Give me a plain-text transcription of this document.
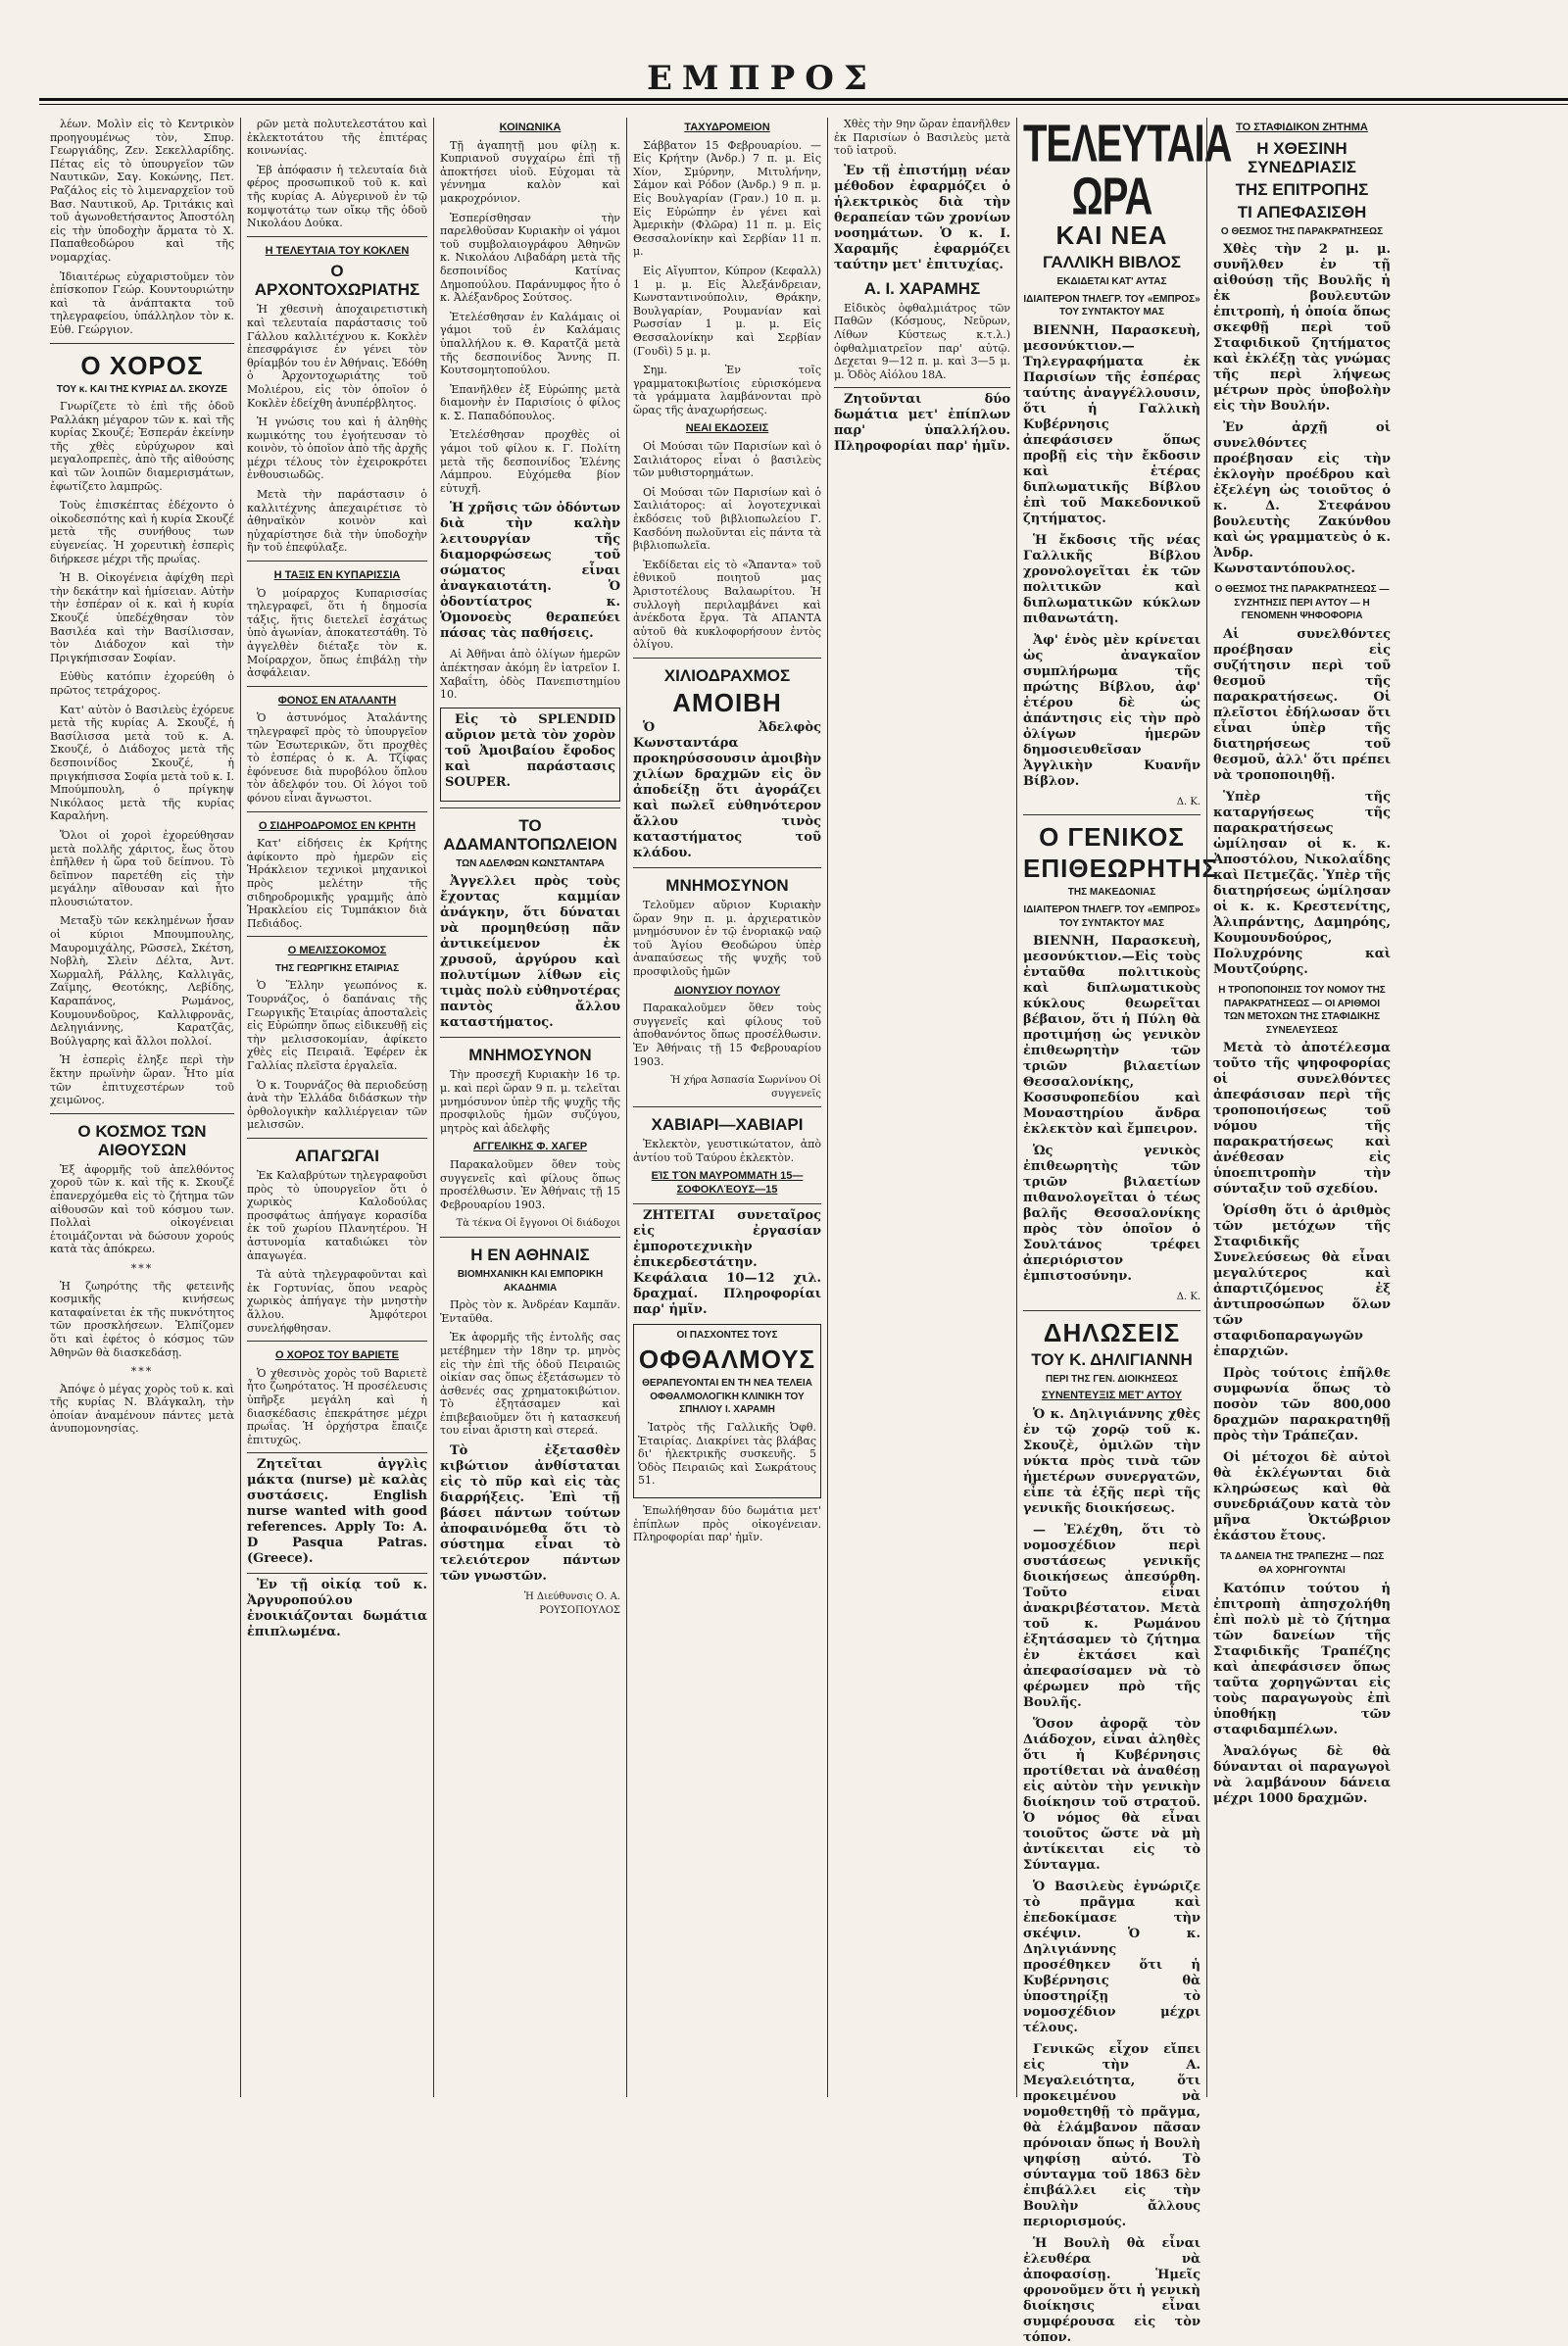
ΕΜΠΡΟΣ

λέων. Μολὶν εἰς τὸ Κεντρικὸν προηγουμένως τὸν, Σπυρ. Γεωργιάδης, Ζεν. Σεκελλαρίδης. Πέτας εἰς τὸ ὑπουργεῖον τῶν Ναυτικῶν, Σαγ. Κοκώνης, Πετ. Ραζάλος εἰς τὸ λιμεναρχεῖον τοῦ Βασ. Ναυτικοῦ, Αρ. Τριτάκις καὶ τοῦ ἀγωνοθετήσαντος Ἀποστόλη εἰς τὴν ὑποδοχὴν ἄρματα τὸ Χ. Παπαθεοδώρου καὶ τῆς νομαρχίας.

Ἰδιαιτέρως εὐχαριστοῦμεν τὸν ἐπίσκοπον Γεώρ. Κουντουριώτην καὶ τὰ ἀνάπτακτα τοῦ τηλεγραφείου, ὑπάλληλον τὸν κ. Εὐθ. Γεώργιον.

Ο ΧΟΡΟΣ
ΤΟΥ κ. ΚΑΙ ΤΗΣ ΚΥΡΙΑΣ ΔΛ. ΣΚΟΥΖΕ

Γνωρίζετε τὸ ἐπὶ τῆς ὁδοῦ Ραλλάκη μέγαρον τῶν κ. καὶ τῆς κυρίας Σκουζέ; Ἐσπεράν ἐκείνην τῆς χθὲς εὐρύχωρον καὶ μεγαλοπρεπὲς, ἀπὸ τῆς αἰθούσης καὶ τῶν λοιπῶν διαμερισμάτων, ἐφωτίζετο λαμπρῶς.

Τοὺς ἐπισκέπτας ἐδέχοντο ὁ οἰκοδεσπότης καὶ ἡ κυρία Σκουζέ μετὰ τῆς συνήθους των εὐγενείας. Ἡ χορευτικὴ ἐσπερὶς διήρκεσε μέχρι τῆς πρωΐας.

Ἡ Β. Οἰκογένεια ἀφίχθη περὶ τὴν δεκάτην καὶ ἡμίσειαν. Αὐτὴν τὴν ἐσπέραν οἱ κ. καὶ ἡ κυρία Σκουζέ ὑπεδέχθησαν τὸν Βασιλέα καὶ τὴν Βασίλισσαν, τὸν Διάδοχον καὶ τὴν Πριγκήπισσαν Σοφίαν.

Εὐθὺς κατόπιν ἐχορεύθη ὁ πρῶτος τετράχορος.

Κατ' αὐτὸν ὁ Βασιλεὺς ἐχόρευε μετὰ τῆς κυρίας Α. Σκουζέ, ἡ Βασίλισσα μετὰ τοῦ κ. Α. Σκουζέ, ὁ Διάδοχος μετὰ τῆς δεσποινίδος Σκουζέ, ἡ πριγκήπισσα Σοφία μετὰ τοῦ κ. Ι. Μπούμπουλη, ὁ πρίγκηψ Νικόλαος μετὰ τῆς κυρίας Καραλήνη.

Ὅλοι οἱ χοροὶ ἐχορεύθησαν μετὰ πολλῆς χάριτος, ἔως ὅτου ἐπῆλθεν ἡ ὥρα τοῦ δείπνου. Τὸ δεῖπνον παρετέθη εἰς τὴν μεγάλην αἴθουσαν καὶ ἦτο πλουσιώτατον.

Μεταξὺ τῶν κεκλημένων ἦσαν οἱ κύριοι Μπουμπουλης, Μαυρομιχάλης, Ρῶσσελ, Σκέτση, Νοβλὴ, Σλεὶν Δέλτα, Ἀντ. Χωρμαλῆ, Ράλλης, Καλλιγᾶς, Ζαΐμης, Θεοτόκης, Λεβίδης, Καραπάνος, Ρωμάνος, Κουμουνδοῦρος, Καλλιφρονᾶς, Δεληγιάννης, Καρατζᾶς, Βούλγαρης καὶ ἄλλοι πολλοί.

Ἡ ἐσπερὶς ἐληξε περὶ τὴν ἕκτην πρωϊνὴν ὥραν. Ἦτο μία τῶν ἐπιτυχεστέρων τοῦ χειμῶνος.

Ο ΚΟΣΜΟΣ ΤΩΝ ΑΙΘΟΥΣΩΝ

Ἐξ ἀφορμῆς τοῦ ἀπελθόντος χοροῦ τῶν κ. καὶ τῆς κ. Σκουζέ ἐπανερχόμεθα εἰς τὸ ζήτημα τῶν αἰθουσῶν καὶ τοῦ κόσμου των. Πολλαὶ οἰκογένειαι ἑτοιμάζονται νὰ δώσουν χορούς κατὰ τὰς ἀπόκρεω.

***

Ἡ ζωηρότης τῆς φετεινῆς κοσμικῆς κινήσεως καταφαίνεται ἐκ τῆς πυκνότητος τῶν προσκλήσεων. Ἐλπίζομεν ὅτι καὶ ἐφέτος ὁ κόσμος τῶν Ἀθηνῶν θὰ διασκεδάσῃ.

***

Ἀπόψε ὁ μέγας χορὸς τοῦ κ. καὶ τῆς κυρίας Ν. Βλάγκαλη, τὴν ὁποίαν ἀναμένουν πάντες μετὰ ἀνυπομονησίας.

ρῶν μετὰ πολυτελεστάτου καὶ ἐκλεκτοτάτου τῆς ἐπιτέρας κοινωνίας.

Ἐβ ἀπόφασιν ἡ τελευταία διὰ φέρος προσωπικοῦ τοῦ κ. καὶ τῆς κυρίας Α. Αὐγερινοῦ ἐν τῷ κομψοτάτῳ των οἴκῳ τῆς ὁδοῦ Νικολάου Δούκα.

Η ΤΕΛΕΥΤΑΙΑ ΤΟΥ ΚΟΚΛΕΝ
Ο ΑΡΧΟΝΤΟΧΩΡΙΑΤΗΣ

Ἡ χθεσινὴ ἀποχαιρετιστικὴ καὶ τελευταία παράστασις τοῦ Γάλλου καλλιτέχνου κ. Κοκλὲν ἐπεσφράγισε ἐν γένει τὸν θρίαμβόν του ἐν Ἀθήναις. Ἐδόθη ὁ Ἀρχοντοχωριάτης τοῦ Μολιέρου, εἰς τὸν ὁποῖον ὁ Κοκλὲν ἐδείχθη ἀνυπέρβλητος.

Ἡ γνώσις του καὶ ἡ ἀληθὴς κωμικότης του ἐγοήτευσαν τὸ κοινὸν, τὸ ὁποῖον ἀπὸ τῆς ἀρχῆς μέχρι τέλους τὸν ἐχειροκρότει ἐνθουσιωδῶς.

Μετὰ τὴν παράστασιν ὁ καλλιτέχνης ἀπεχαιρέτισε τὸ ἀθηναϊκὸν κοινὸν καὶ ηὐχαρίστησε διὰ τὴν ὑποδοχὴν ἣν τοῦ ἐπεφύλαξε.

Η ΤΑΞΙΣ ΕΝ ΚΥΠΑΡΙΣΣΙΑ

Ὁ μοίραρχος Κυπαρισσίας τηλεγραφεῖ, ὅτι ἡ δημοσία τάξις, ἥτις διετελεῖ ἐσχάτως ὑπὸ ἀγωνίαν, ἀποκατεστάθη. Τὸ ἀγγελθὲν διέταξε τὸν κ. Μοίραρχον, ὅπως ἐπιβάλῃ τὴν ἀσφάλειαν.

ΦΟΝΟΣ ΕΝ ΑΤΑΛΑΝΤΗ

Ὁ ἀστυνόμος Ἀταλάντης τηλεγραφεῖ πρὸς τὸ ὑπουργεῖον τῶν Ἐσωτερικῶν, ὅτι προχθὲς τὸ ἑσπέρας ὁ κ. Α. Τζίφας ἐφόνευσε διὰ πυροβόλου ὅπλου τὸν ἀδελφόν του. Οἱ λόγοι τοῦ φόνου εἶναι ἄγνωστοι.

Ο ΣΙΔΗΡΟΔΡΟΜΟΣ ΕΝ ΚΡΗΤΗ

Κατ' εἰδήσεις ἐκ Κρήτης ἀφίκοντο πρὸ ἡμερῶν εἰς Ἡράκλειον τεχνικοὶ μηχανικοὶ πρὸς μελέτην τῆς σιδηροδρομικῆς γραμμῆς ἀπὸ Ἡρακλείου εἰς Τυμπάκιον διὰ Πεδιάδος.

Ο ΜΕΛΙΣΣΟΚΟΜΟΣ
ΤΗΣ ΓΕΩΡΓΙΚΗΣ ΕΤΑΙΡΙΑΣ

Ὁ Ἕλλην γεωπόνος κ. Τουρνάζος, ὁ δαπάναις τῆς Γεωργικῆς Ἑταιρίας ἀποσταλεὶς εἰς Εὐρώπην ὅπως εἰδικευθῇ εἰς τὴν μελισσοκομίαν, ἀφίκετο χθὲς εἰς Πειραιᾶ. Ἐφέρεν ἐκ Γαλλίας πλεῖστα ἐργαλεῖα.

Ὁ κ. Τουρνάζος θὰ περιοδεύσῃ ἀνὰ τὴν Ἑλλάδα διδάσκων τὴν ὀρθολογικὴν καλλιέργειαν τῶν μελισσῶν.

ΑΠΑΓΩΓΑΙ

Ἐκ Καλαβρύτων τηλεγραφοῦσι πρὸς τὸ ὑπουργεῖον ὅτι ὁ χωρικὸς Καλοδούλας προσφάτως ἀπήγαγε κορασίδα ἐκ τοῦ χωρίου Πλανητέρου. Ἡ ἀστυνομία καταδιώκει τὸν ἀπαγωγέα.

Τὰ αὐτὰ τηλεγραφοῦνται καὶ ἐκ Γορτυνίας, ὅπου νεαρὸς χωρικὸς ἀπήγαγε τὴν μνηστὴν ἄλλου. Ἀμφότεροι συνελήφθησαν.

Ο ΧΟΡΟΣ ΤΟΥ ΒΑΡΙΕΤΕ

Ὁ χθεσινὸς χορὸς τοῦ Βαριετὲ ἦτο ζωηρότατος. Ἡ προσέλευσις ὑπῆρξε μεγάλη καὶ ἡ διασκέδασις ἐπεκράτησε μέχρι πρωΐας. Ἡ ὀρχήστρα ἔπαιζε ἐπιτυχῶς.

Ζητεῖται ἀγγλὶς μάκτα (nurse) μὲ καλὰς συστάσεις. English nurse wanted with good references. Apply To: A. D Pasqua Patras. (Greece).

Ἐν τῇ οἰκίᾳ τοῦ κ. Ἀργυροπούλου ἐνοικιάζονται δωμάτια ἐπιπλωμένα.

ΚΟΙΝΩΝΙΚΑ

Τῇ ἀγαπητῇ μου φίλῃ κ. Κυπριανοῦ συγχαίρω ἐπὶ τῇ ἀποκτήσει υἱοῦ. Εὐχομαι τὰ γέννημα καλὸν καὶ μακροχρόνιον.

Ἑσπερίσθησαν τὴν παρελθοῦσαν Κυριακὴν οἱ γάμοι τοῦ συμβολαιογράφου Ἀθηνῶν κ. Νικολάου Λιβαδάρη μετὰ τῆς δεσποινίδος Κατίνας Δημοπούλου. Παράνυμφος ἦτο ὁ κ. Ἀλέξανδρος Σούτσος.

Ἐτελέσθησαν ἐν Καλάμαις οἱ γάμοι τοῦ ἐν Καλάμαις ὑπαλλήλου κ. Θ. Καρατζᾶ μετὰ τῆς δεσποινίδος Ἄννης Π. Κουτσομητοπούλου.

Ἐπανῆλθεν ἐξ Εὐρώπης μετὰ διαμονὴν ἐν Παρισίοις ὁ φίλος κ. Σ. Παπαδόπουλος.

Ἐτελέσθησαν προχθὲς οἱ γάμοι τοῦ φίλου κ. Γ. Πολίτη μετὰ τῆς δεσποινίδος Ἑλένης Λάμπρου. Εὐχόμεθα βίον εὐτυχῆ.

Ἡ χρῆσις τῶν ὀδόντων διὰ τὴν καλὴν λειτουργίαν τῆς διαμορφώσεως τοῦ σώματος εἶναι ἀναγκαιοτάτη. Ὁ ὀδοντίατρος κ. Ὁμονοεὺς θεραπεύει πάσας τὰς παθήσεις.

Αἱ Ἀθῆναι ἀπὸ ὀλίγων ἡμερῶν ἀπέκτησαν ἀκόμη ἓν ἰατρεῖον Ι. Χαβαΐτη, ὁδὸς Πανεπιστημίου 10.

Εἰς τὸ SPLENDID αὔριον μετὰ τὸν χορὸν τοῦ Ἀμοιβαίου ἔφοδος καὶ παράστασις SOUPER.

ΤΟ ΑΔΑΜΑΝΤΟΠΩΛΕΙΟΝ
ΤΩΝ ΑΔΕΛΦΩΝ ΚΩΝΣΤΑΝΤΑΡΑ

Ἀγγελλει πρὸς τοὺς ἔχοντας καμμίαν ἀνάγκην, ὅτι δύναται νὰ προμηθεύσῃ πᾶν ἀντικείμενον ἐκ χρυσοῦ, ἀργύρου καὶ πολυτίμων λίθων εἰς τιμὰς πολὺ εὐθηνοτέρας παντὸς ἄλλου καταστήματος.

ΜΝΗΜΟΣΥΝΟΝ

Τὴν προσεχῆ Κυριακὴν 16 τρ. μ. καὶ περὶ ὥραν 9 π. μ. τελεῖται μνημόσυνον ὑπὲρ τῆς ψυχῆς τῆς προσφιλοῦς ἡμῶν συζύγου, μητρὸς καὶ ἀδελφῆς

ΑΓΓΕΛΙΚΗΣ Φ. ΧΑΓΕΡ

Παρακαλοῦμεν ὅθεν τοὺς συγγενεῖς καὶ φίλους ὅπως προσέλθωσιν. Ἐν Ἀθήναις τῇ 15 Φεβρουαρίου 1903.

Τὰ τέκνα Οἱ ἔγγονοι Οἱ διάδοχοι
Η ΕΝ ΑΘΗΝΑΙΣ
ΒΙΟΜΗΧΑΝΙΚΗ ΚΑΙ ΕΜΠΟΡΙΚΗ ΑΚΑΔΗΜΙΑ

Πρὸς τὸν κ. Ἀνδρέαν Καμπᾶν. Ἐνταῦθα.

Ἐκ ἀφορμῆς τῆς ἐντολῆς σας μετέβημεν τὴν 18ην τρ. μηνὸς εἰς τὴν ἐπὶ τῆς ὁδοῦ Πειραιῶς οἰκίαν σας ὅπως ἐξετάσωμεν τὸ ἀσθενές σας χρηματοκιβώτιον. Τὸ ἐξητάσαμεν καὶ ἐπιβεβαιοῦμεν ὅτι ἡ κατασκευή του εἶναι ἄριστη καὶ στερεά.

Τὸ ἐξετασθὲν κιβώτιον ἀνθίσταται εἰς τὸ πῦρ καὶ εἰς τὰς διαρρήξεις. Ἐπὶ τῇ βάσει πάντων τούτων ἀποφαινόμεθα ὅτι τὸ σύστημα εἶναι τὸ τελειότερον πάντων τῶν γνωστῶν.

Ἡ Διεύθυνσις Ο. Α. ΡΟΥΣΟΠΟΥΛΟΣ
ΤΑΧΥΔΡΟΜΕΙΟΝ

Σάββατον 15 Φεβρουαρίου. — Εἰς Κρήτην (Ἀνδρ.) 7 π. μ. Εἰς Χίον, Σμύρνην, Μιτυλήνην, Σάμον καὶ Ρόδον (Ἀνδρ.) 9 π. μ. Εἰς Βουλγαρίαν (Γραν.) 10 π. μ. Εἰς Εὐρώπην ἐν γένει καὶ Ἀμερικὴν (Φλῶρα) 11 π. μ. Εἰς Θεσσαλονίκην καὶ Σερβίαν 11 π. μ.

Εἰς Αἴγυπτον, Κύπρον (Κεφαλλ) 1 μ. μ. Εἰς Ἀλεξάνδρειαν, Κωνσταντινούπολιν, Θράκην, Βουλγαρίαν, Ρουμανίαν καὶ Ρωσσίαν 1 μ. μ. Εἰς Θεσσαλονίκην καὶ Σερβίαν (Γουδὶ) 5 μ. μ.

Σημ. Ἐν τοῖς γραμματοκιβωτίοις εὑρισκόμενα τὰ γράμματα λαμβάνονται πρὸ ὥρας τῆς ἀναχωρήσεως.

ΝΕΑΙ ΕΚΔΟΣΕΙΣ

Οἱ Μούσαι τῶν Παρισίων καὶ ὁ Σαιλιάτορος εἶναι ὁ βασιλεὺς τῶν μυθιστορημάτων.

Οἱ Μούσαι τῶν Παρισίων καὶ ὁ Σαιλιάτορος: αἱ λογοτεχνικαὶ ἐκδόσεις τοῦ βιβλιοπωλείου Γ. Κασδόνη πωλοῦνται εἰς πάντα τὰ βιβλιοπωλεῖα.

Ἐκδίδεται εἰς τὸ «Ἄπαντα» τοῦ ἐθνικοῦ ποιητοῦ μας Ἀριστοτέλους Βαλαωρίτου. Ἡ συλλογὴ περιλαμβάνει καὶ ἀνέκδοτα ἔργα. Τὰ ΑΠΑΝΤΑ αὐτοῦ θὰ κυκλοφορήσουν ἐντὸς ὀλίγου.

ΧΙΛΙΟΔΡΑΧΜΟΣ
ΑΜΟΙΒΗ

Ὁ Ἀδελφὸς Κωνσταντάρα προκηρύσσουσιν ἀμοιβὴν χιλίων δραχμῶν εἰς ὃν ἀποδείξῃ ὅτι ἀγοράζει καὶ πωλεῖ εὐθηνότερον ἄλλου τινὸς καταστήματος τοῦ κλάδου.

ΜΝΗΜΟΣΥΝΟΝ

Τελοῦμεν αὔριον Κυριακὴν ὥραν 9ην π. μ. ἀρχιερατικὸν μνημόσυνον ἐν τῷ ἐνοριακῷ ναῷ τοῦ Ἁγίου Θεοδώρου ὑπὲρ ἀναπαύσεως τῆς ψυχῆς τοῦ προσφιλοῦς ἡμῶν

ΔΙΟΝΥΣΙΟΥ ΠΟΥΛΟΥ

Παρακαλοῦμεν ὅθεν τοὺς συγγενεῖς καὶ φίλους τοῦ ἀποθανόντος ὅπως προσέλθωσιν. Ἐν Ἀθήναις τῇ 15 Φεβρουαρίου 1903.

Ἡ χήρα Ἀσπασία Σωρνίνου Οἱ συγγενεῖς
ΧΑΒΙΑΡΙ—ΧΑΒΙΑΡΙ

Ἐκλεκτὸν, γευστικώτατον, ἀπὸ ἀντίου τοῦ Ταύρου ἐκλεκτὸν.

ΕἸΣ ΤῸΝ ΜΑΥΡΟΜΜΑΤΗ 15—ΣΟΦΟΚΛΈΟΥΣ—15

ΖΗΤΕΙΤΑΙ συνεταῖρος εἰς ἐργασίαν ἐμποροτεχνικὴν ἐπικερδεστάτην. Κεφάλαια 10—12 χιλ. δραχμαί. Πληροφορίαι παρ' ἡμῖν.

ΟΙ ΠΑΣΧΟΝΤΕΣ ΤΟΥΣ
ΟΦΘΑΛΜΟΥΣ
ΘΕΡΑΠΕΥΟΝΤΑΙ ΕΝ ΤΗ ΝΕΑ ΤΕΛΕΙΑ ΟΦΘΑΛΜΟΛΟΓΙΚΗ ΚΛΙΝΙΚΗ ΤΟΥ ΣΠΗΛΙΟΥ Ι. ΧΑΡΑΜΗ

Ἰατρὸς τῆς Γαλλικῆς Ὀφθ. Ἑταιρίας. Διακρίνει τὰς βλάβας δι' ἠλεκτρικῆς συσκευῆς. 5 Ὁδὸς Πειραιῶς καὶ Σωκράτους 51.

Ἐπωλήθησαν δύο δωμάτια μετ' ἐπίπλων πρὸς οἰκογένειαν. Πληροφορίαι παρ' ἡμῖν.

Χθὲς τὴν 9ην ὥραν ἐπανῆλθεν ἐκ Παρισίων ὁ Βασιλεὺς μετὰ τοῦ ἰατροῦ.

Ἐν τῇ ἐπιστήμῃ νέαν μέθοδον ἐφαρμόζει ὁ ἡλεκτρικὸς διὰ τὴν θεραπείαν τῶν χρονίων νοσημάτων. Ὁ κ. Ι. Χαραμῆς ἐφαρμόζει ταύτην μετ' ἐπιτυχίας.

Α. Ι. ΧΑΡΑΜΗΣ

Εἰδικὸς ὀφθαλμιάτρος τῶν Παθῶν (Κόσμους, Νεῦρων, Λίθων Κύστεως κ.τ.λ.) ὀφθαλμιατρεῖον παρ' αὐτῷ. Δεχεται 9—12 π. μ. καὶ 3—5 μ. μ. Ὁδὸς Αἰόλου 18Α.

Ζητοῦνται δύο δωμάτια μετ' ἐπίπλων παρ' ὑπαλλήλου. Πληροφορίαι παρ' ἡμῖν.

ΤΕΛΕΥΤΑΙΑ ΩΡΑ
ΚΑΙ ΝΕΑ
ΓΑΛΛΙΚΗ ΒΙΒΛΟΣ
ΕΚΔΙΔΕΤΑΙ ΚΑΤ' ΑΥΤΑΣ
ΙΔΙΑΙΤΕΡΟΝ ΤΗΛΕΓΡ. ΤΟΥ «ΕΜΠΡΟΣ» ΤΟΥ ΣΥΝΤΑΚΤΟΥ ΜΑΣ

ΒΙΕΝΝΗ, Παρασκευὴ, μεσονύκτιον.—Τηλεγραφήματα ἐκ Παρισίων τῆς ἑσπέρας ταύτης ἀναγγέλλουσιν, ὅτι ἡ Γαλλικὴ Κυβέρνησις ἀπεφάσισεν ὅπως προβῇ εἰς τὴν ἔκδοσιν καὶ ἑτέρας διπλωματικῆς Βίβλου ἐπὶ τοῦ Μακεδονικοῦ ζητήματος.

Ἡ ἔκδοσις τῆς νέας Γαλλικῆς Βίβλου χρονολογεῖται ἐκ τῶν πολιτικῶν καὶ διπλωματικῶν κύκλων πιθανωτάτη.

Ἀφ' ἑνὸς μὲν κρίνεται ὡς ἀναγκαῖον συμπλήρωμα τῆς πρώτης Βίβλου, ἀφ' ἑτέρου δὲ ὡς ἀπάντησις εἰς τὴν πρὸ ὀλίγων ἡμερῶν δημοσιευθεῖσαν Ἀγγλικὴν Κυανῆν Βίβλον.

Δ. Κ.
Ο ΓΕΝΙΚΟΣ
ΕΠΙΘΕΩΡΗΤΗΣ
ΤΗΣ ΜΑΚΕΔΟΝΙΑΣ
ΙΔΙΑΙΤΕΡΟΝ ΤΗΛΕΓΡ. ΤΟΥ «ΕΜΠΡΟΣ» ΤΟΥ ΣΥΝΤΑΚΤΟΥ ΜΑΣ

ΒΙΕΝΝΗ, Παρασκευὴ, μεσονύκτιον.—Εἰς τοὺς ἐνταῦθα πολιτικοὺς καὶ διπλωματικοὺς κύκλους θεωρεῖται βέβαιον, ὅτι ἡ Πύλη θὰ προτιμήσῃ ὡς γενικὸν ἐπιθεωρητὴν τῶν τριῶν βιλαετίων Θεσσαλονίκης, Κοσσυφοπεδίου καὶ Μοναστηρίου ἄνδρα ἐκλεκτὸν καὶ ἔμπειρον.

Ὡς γενικὸς ἐπιθεωρητὴς τῶν τριῶν βιλαετίων πιθανολογεῖται ὁ τέως βαλῆς Θεσσαλονίκης πρὸς τὸν ὁποῖον ὁ Σουλτάνος τρέφει ἀπεριόριστον ἐμπιστοσύνην.

Δ. Κ.
ΔΗΛΩΣΕΙΣ
ΤΟΥ Κ. ΔΗΛΙΓΙΑΝΝΗ
ΠΕΡΙ ΤΗΣ ΓΕΝ. ΔΙΟΙΚΗΣΕΩΣ
ΣΥΝΕΝΤΕΥΞΙΣ ΜΕΤ' ΑΥΤΟΥ

Ὁ κ. Δηλιγιάννης χθὲς ἐν τῷ χορῷ τοῦ κ. Σκουζὲ, ὁμιλῶν τὴν νύκτα πρὸς τινὰ τῶν ἡμετέρων συνεργατῶν, εἶπε τὰ ἑξῆς περὶ τῆς γενικῆς διοικήσεως.

— Ἐλέχθη, ὅτι τὸ νομοσχέδιον περὶ συστάσεως γενικῆς διοικήσεως ἀπεσύρθη. Τοῦτο εἶναι ἀνακριβέστατον. Μετὰ τοῦ κ. Ρωμάνου ἐξητάσαμεν τὸ ζήτημα ἐν ἐκτάσει καὶ ἀπεφασίσαμεν νὰ τὸ φέρωμεν πρὸ τῆς Βουλῆς.

Ὅσον ἀφορᾷ τὸν Διάδοχον, εἶναι ἀληθὲς ὅτι ἡ Κυβέρνησις προτίθεται νὰ ἀναθέσῃ εἰς αὐτὸν τὴν γενικὴν διοίκησιν τοῦ στρατοῦ. Ὁ νόμος θὰ εἶναι τοιοῦτος ὥστε νὰ μὴ ἀντίκειται εἰς τὸ Σύνταγμα.

Ὁ Βασιλεὺς ἐγνώριζε τὸ πρᾶγμα καὶ ἐπεδοκίμασε τὴν σκέψιν. Ὁ κ. Δηλιγιάννης προσέθηκεν ὅτι ἡ Κυβέρνησις θὰ ὑποστηρίξῃ τὸ νομοσχέδιον μέχρι τέλους.

Γενικῶς εἶχον εἴπει εἰς τὴν Α. Μεγαλειότητα, ὅτι προκειμένου νὰ νομοθετηθῇ τὸ πρᾶγμα, θὰ ἐλάμβανον πᾶσαν πρόνοιαν ὅπως ἡ Βουλὴ ψηφίσῃ αὐτό. Τὸ σύνταγμα τοῦ 1863 δὲν ἐπιβάλλει εἰς τὴν Βουλὴν ἄλλους περιορισμούς.

Ἡ Βουλὴ θὰ εἶναι ἐλευθέρα νὰ ἀποφασίσῃ. Ἡμεῖς φρονοῦμεν ὅτι ἡ γενικὴ διοίκησις εἶναι συμφέρουσα εἰς τὸν τόπον.

ΤΟ ΣΤΑΦΙΔΙΚΟΝ ΖΗΤΗΜΑ
Η ΧΘΕΣΙΝΗ ΣΥΝΕΔΡΙΑΣΙΣ
ΤΗΣ ΕΠΙΤΡΟΠΗΣ
ΤΙ ΑΠΕΦΑΣΙΣΘΗ
Ο ΘΕΣΜΟΣ ΤΗΣ ΠΑΡΑΚΡΑΤΗΣΕΩΣ

Χθὲς τὴν 2 μ. μ. συνῆλθεν ἐν τῇ αἰθούσῃ τῆς Βουλῆς ἡ ἐκ βουλευτῶν ἐπιτροπὴ, ἡ ὁποία ὅπως σκεφθῇ περὶ τοῦ Σταφιδικοῦ ζητήματος καὶ ἐκλέξῃ τὰς γνώμας τῆς περὶ λήψεως μέτρων πρὸς ὑποβολὴν εἰς τὴν Βουλήν.

Ἐν ἀρχῇ οἱ συνελθόντες προέβησαν εἰς τὴν ἐκλογὴν προέδρου καὶ ἐξελέγη ὡς τοιοῦτος ὁ κ. Δ. Στεφάνου βουλευτὴς Ζακύνθου καὶ ὡς γραμματεὺς ὁ κ. Ἀνδρ. Κωνσταντόπουλος.

Ο ΘΕΣΜΟΣ ΤΗΣ ΠΑΡΑΚΡΑΤΗΣΕΩΣ — ΣΥΖΗΤΗΣΙΣ ΠΕΡΙ ΑΥΤΟΥ — Η ΓΕΝΟΜΕΝΗ ΨΗΦΟΦΟΡΙΑ

Αἱ συνελθόντες προέβησαν εἰς συζήτησιν περὶ τοῦ θεσμοῦ τῆς παρακρατήσεως. Οἱ πλεῖστοι ἐδήλωσαν ὅτι εἶναι ὑπὲρ τῆς διατηρήσεως τοῦ θεσμοῦ, ἀλλ' ὅτι πρέπει νὰ τροποποιηθῇ.

Ὑπὲρ τῆς καταργήσεως τῆς παρακρατήσεως ὡμίλησαν οἱ κ. κ. Ἀποστόλου, Νικολαΐδης καὶ Πετμεζᾶς. Ὑπὲρ τῆς διατηρήσεως ὡμίλησαν οἱ κ. κ. Κρεστενίτης, Ἀλιπράντης, Δαμηρόης, Κουμουνδούρος, Πολυχρόνης καὶ Μουτζούρης.

Η ΤΡΟΠΟΠΟΙΗΣΙΣ ΤΟΥ ΝΟΜΟΥ ΤΗΣ ΠΑΡΑΚΡΑΤΗΣΕΩΣ — ΟΙ ΑΡΙΘΜΟΙ ΤΩΝ ΜΕΤΟΧΩΝ ΤΗΣ ΣΤΑΦΙΔΙΚΗΣ ΣΥΝΕΛΕΥΣΕΩΣ

Μετὰ τὸ ἀποτέλεσμα τοῦτο τῆς ψηφοφορίας οἱ συνελθόντες ἀπεφάσισαν περὶ τῆς τροποποιήσεως τοῦ νόμου τῆς παρακρατήσεως καὶ ἀνέθεσαν εἰς ὑποεπιτροπὴν τὴν σύνταξιν τοῦ σχεδίου.

Ὁρίσθη ὅτι ὁ ἀριθμὸς τῶν μετόχων τῆς Σταφιδικῆς Συνελεύσεως θὰ εἶναι μεγαλύτερος καὶ ἀπαρτιζόμενος ἐξ ἀντιπροσώπων ὅλων τῶν σταφιδοπαραγωγῶν ἐπαρχιῶν.

Πρὸς τούτοις ἐπῆλθε συμφωνία ὅπως τὸ ποσὸν τῶν 800,000 δραχμῶν παρακρατηθῇ πρὸς τὴν Τράπεζαν.

Οἱ μέτοχοι δὲ αὐτοὶ θὰ ἐκλέγωνται διὰ κληρώσεως καὶ θὰ συνεδριάζουν κατὰ τὸν μῆνα Ὀκτώβριον ἑκάστου ἔτους.

ΤΑ ΔΑΝΕΙΑ ΤΗΣ ΤΡΑΠΕΖΗΣ — ΠΩΣ ΘΑ ΧΟΡΗΓΟΥΝΤΑΙ

Κατόπιν τούτου ἡ ἐπιτροπὴ ἀπησχολήθη ἐπὶ πολὺ μὲ τὸ ζήτημα τῶν δανείων τῆς Σταφιδικῆς Τραπέζης καὶ ἀπεφάσισεν ὅπως ταῦτα χορηγῶνται εἰς τοὺς παραγωγοὺς ἐπὶ ὑποθήκῃ τῶν σταφιδαμπέλων.

Ἀναλόγως δὲ θὰ δύνανται οἱ παραγωγοὶ νὰ λαμβάνουν δάνεια μέχρι 1000 δραχμῶν.
